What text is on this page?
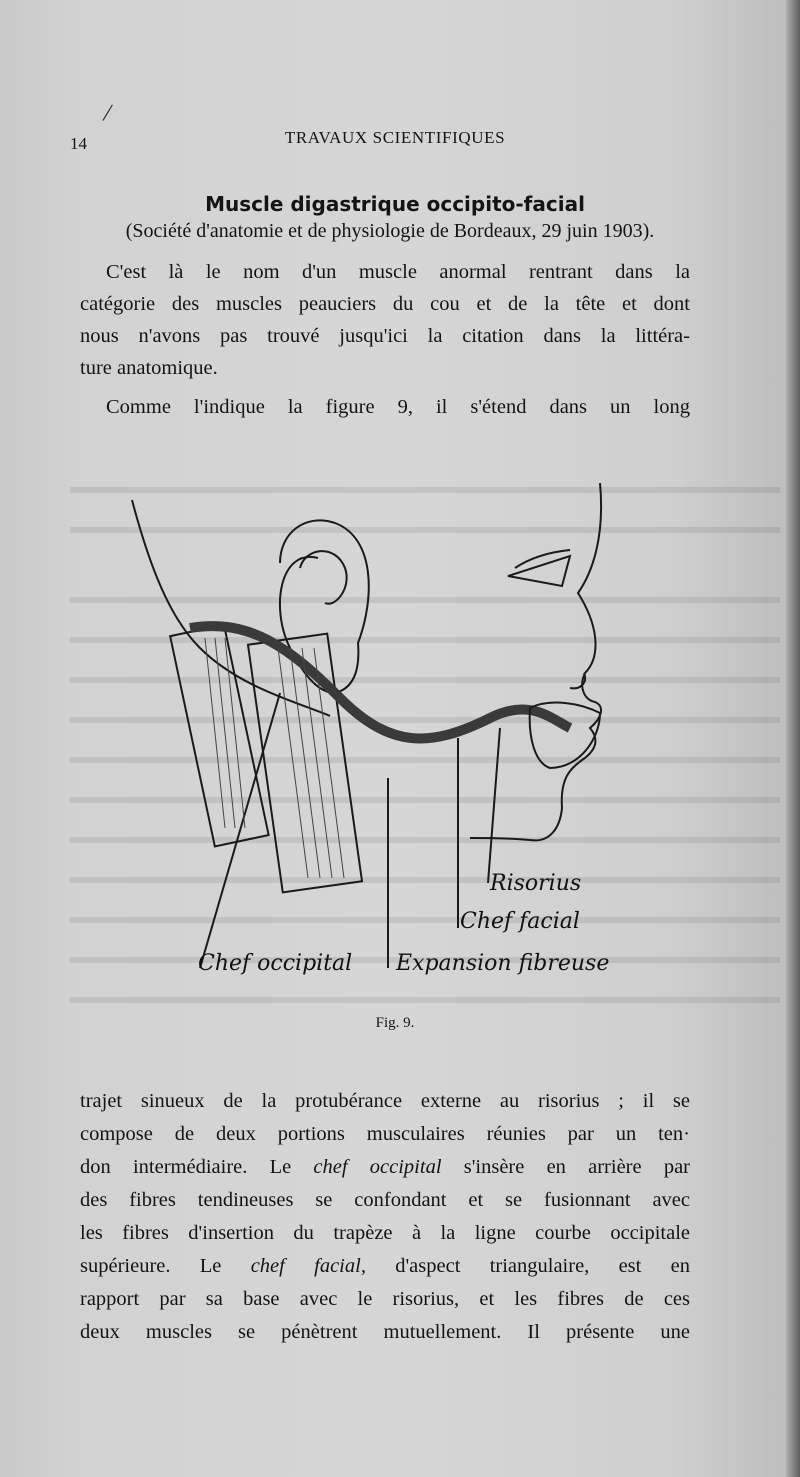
/
14	TRAVAUX SCIENTIFIQUES
Muscle digastrique occipito-facial
(Société d'anatomie et de physiologie de Bordeaux, 29 juin 1903).

C'est là le nom d'un muscle anormal rentrant dans la

catégorie des muscles peauciers du cou et de la tête et dont

nous n'avons pas trouvé jusqu'ici la citation dans la littéra-

ture anatomique.

Comme l'indique la figure 9, il s'étend dans un long

Risorius
Chef facial
Chef occipital Expansion fibreuse
Fig. 9.

trajet sinueux de la protubérance externe au risorius ; il se

compose de deux portions musculaires réunies par un ten·

don intermédiaire. Le chef occipital s'insère en arrière par

des fibres tendineuses se confondant et se fusionnant avec

les fibres d'insertion du trapèze à la ligne courbe occipitale

supérieure. Le chef facial, d'aspect triangulaire, est en

rapport par sa base avec le risorius, et les fibres de ces

deux muscles se pénètrent mutuellement. Il présente une
